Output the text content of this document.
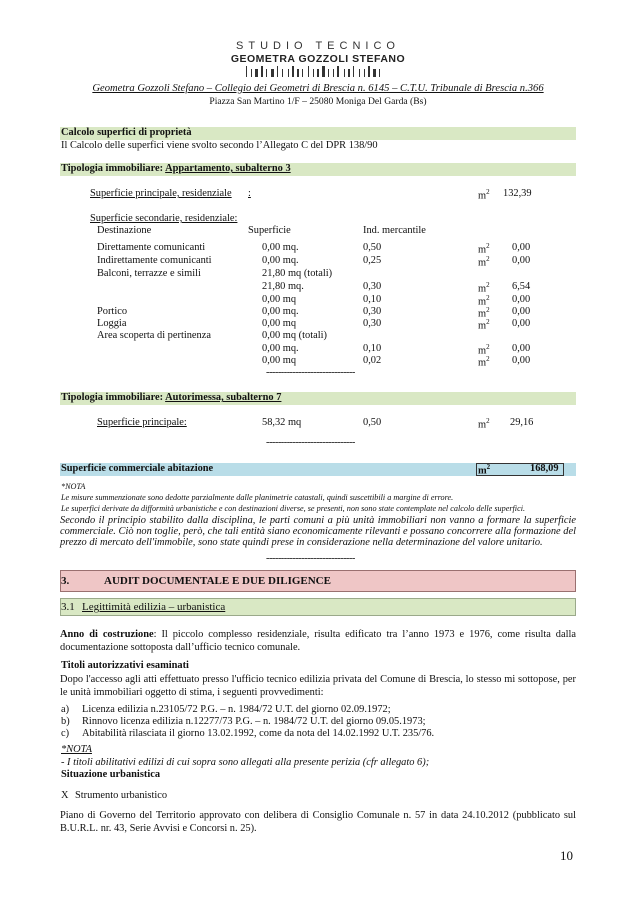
STUDIO TECNICO
GEOMETRA GOZZOLI STEFANO
Geometra Gozzoli Stefano – Collegio dei Geometri di Brescia n. 6145 – C.T.U. Tribunale di Brescia n.366
Piazza San Martino 1/F – 25080 Moniga Del Garda (Bs)
Calcolo superfici di proprietà
Il Calcolo delle superfici viene svolto secondo l’Allegato C del DPR 138/90
Tipologia immobiliare: Appartamento, subalterno 3
Superficie principale, residenziale :	$m^2$ 132,39
Superficie secondarie, residenziale:
Destinazione	Superficie	Ind. mercantile
Direttamente comunicanti	0,00 mq.	0,50	$m^2$ 0,00
Indirettamente comunicanti	0,00 mq.	0,25	$m^2$ 0,00
Balconi, terrazze e simili	21,80 mq (totali)
21,80 mq.	0,30	$m^2$ 6,54
0,00 mq	0,10	$m^2$ 0,00
Portico	0,00 mq.	0,30	$m^2$ 0,00
Loggia	0,00 mq	0,30	$m^2$ 0,00
Area scoperta di pertinenza	0,00 mq (totali)
0,00 mq.	0,10	$m^2$ 0,00
0,00 mq	0,02	$m^2$ 0,00
------------------------------
Tipologia immobiliare: Autorimessa, subalterno 7
Superficie principale:	58,32 mq	0,50	$m^2$ 29,16
------------------------------
Superficie commerciale abitazione	$m^2$	168,09
*NOTA
Le misure summenzionate sono dedotte parzialmente dalle planimetrie catastali, quindi suscettibili a margine di errore.
Le superfici derivate da difformità urbanistiche e con destinazioni diverse, se presenti, non sono state contemplate nel calcolo delle superfici.
Secondo il principio stabilito dalla disciplina, le parti comuni a più unità immobiliari non vanno a formare la superficie commerciale. Ciò non toglie, però, che tali entità siano economicamente rilevanti e possano concorrere alla formazione del prezzo di mercato dell'immobile, sono state quindi prese in considerazione nella determinazione del valore unitario.
------------------------------
3.	AUDIT DOCUMENTALE E DUE DILIGENCE
3.1 Legittimità edilizia – urbanistica
Anno di costruzione: Il piccolo complesso residenziale, risulta edificato tra l’anno 1973 e 1976, come risulta dalla documentazione sottoposta dall’ufficio tecnico comunale.
Titoli autorizzativi esaminati
Dopo l'accesso agli atti effettuato presso l'ufficio tecnico edilizia privata del Comune di Brescia, lo stesso mi sottopose, per le unità immobiliari oggetto di stima, i seguenti provvedimenti:
a) Licenza edilizia n.23105/72 P.G. – n. 1984/72 U.T. del giorno 02.09.1972;
b) Rinnovo licenza edilizia n.12277/73 P.G. – n. 1984/72 U.T. del giorno 09.05.1973;
c) Abitabilità rilasciata il giorno 13.02.1992, come da nota del 14.02.1992 U.T. 235/76.
*NOTA
- I titoli abilitativi edilizi di cui sopra sono allegati alla presente perizia (cfr allegato 6);
Situazione urbanistica
X Strumento urbanistico
Piano di Governo del Territorio approvato con delibera di Consiglio Comunale n. 57 in data 24.10.2012 (pubblicato sul B.U.R.L. nr. 43, Serie Avvisi e Concorsi n. 25).
10
